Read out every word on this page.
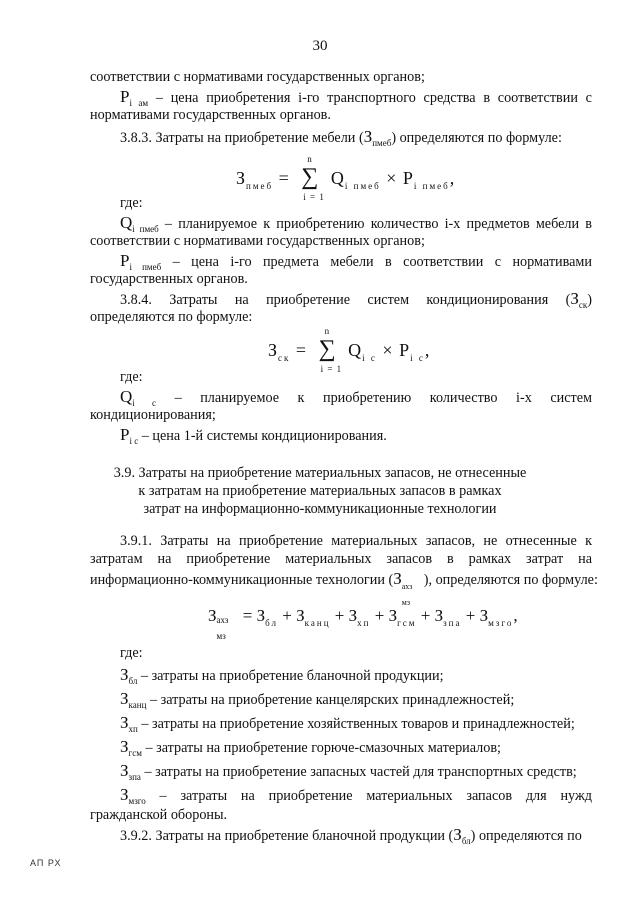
30
соответствии с нормативами государственных органов;
$P_{i ам}$ – цена приобретения i-го транспортного средства в соответствии с
нормативами государственных органов.
3.8.3. Затраты на приобретение мебели $(З_{пмеб})$ определяются по формуле:
$З_{пмеб}$ = ∑
n
i = 1
$Q_{i пмеб} \times P_{i пмеб}$,
где:
$Q_{i пмеб}$ – планируемое к приобретению количество i-х предметов мебели в
соответствии с нормативами государственных органов;
$P_{i пмеб}$ – цена i-го предмета мебели в соответствии с нормативами
государственных органов.
3.8.4. Затраты на приобретение систем кондиционирования $(З_{ск})$
определяются по формуле:
$З_{ск}$ = ∑
n
i = 1
$Q_{i с} \times P_{i с}$,
где:
$Q_{i с}$ – планируемое к приобретению количество i-х систем
кондиционирования;
$P_{i с}$ – цена 1-й системы кондиционирования.
3.9. Затраты на приобретение материальных запасов, не отнесенные
к затратам на приобретение материальных запасов в рамках
затрат на информационно-коммуникационные технологии
3.9.1. Затраты на приобретение материальных запасов, не отнесенные к
затратам на приобретение материальных запасов в рамках затрат на
информационно-коммуникационные технологии (З ахз
мз
), определяются по формуле:
З ахз
мз
= $З_{бл} + З_{канц} + З_{хп} + З_{гсм} + З_{зпа} + З_{мзго}$,
где:
$З_{бл}$ – затраты на приобретение бланочной продукции;
$З_{канц}$ – затраты на приобретение канцелярских принадлежностей;
$З_{хп}$ – затраты на приобретение хозяйственных товаров и принадлежностей;
$З_{гсм}$ – затраты на приобретение горюче-смазочных материалов;
$З_{зпа}$ – затраты на приобретение запасных частей для транспортных средств;
$З_{мзго}$ – затраты на приобретение материальных запасов для нужд
гражданской обороны.
3.9.2. Затраты на приобретение бланочной продукции $(З_{бл})$ определяются по
АП РХ
